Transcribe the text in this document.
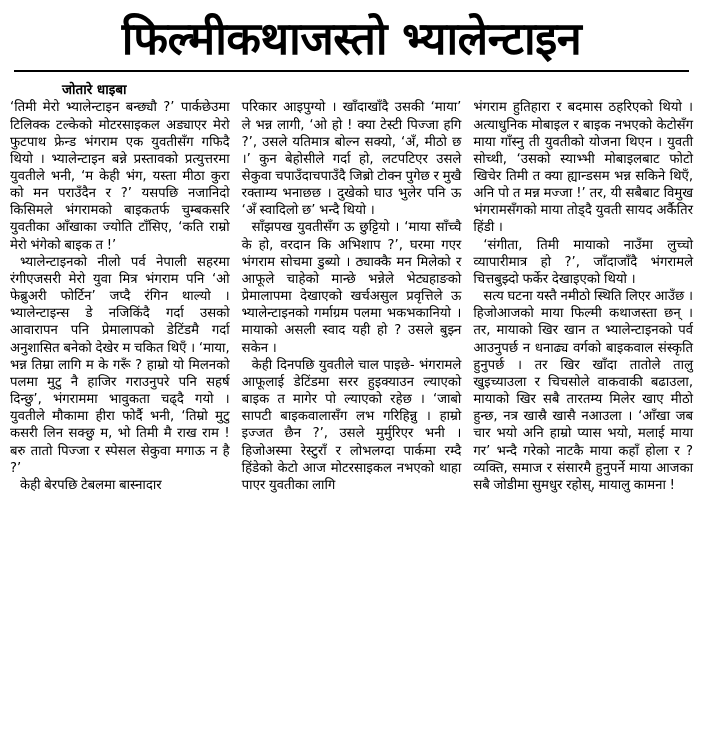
फिल्मीकथाजस्तो भ्यालेन्टाइन
जोतारे धाइबा

‘तिमी मेरो भ्यालेन्टाइन बन्छ्यौ ?’ पार्कछेउमा टिलिक्क टल्केको मोटरसाइकल अड्याएर मेरो फुटपाथ फ्रेन्ड भंगराम एक युवतीसँग गफिदै थियो । भ्यालेन्टाइन बन्ने प्रस्तावको प्रत्युत्तरमा युवतीले भनी, ‘म केही भंग, यस्ता मीठा कुरा को मन पराउँदैन र ?’ यसपछि नजानिदो किसिमले भंगरामको बाइकतर्फ चुम्बकसरि युवतीका आँखाका ज्योति टाँसिए, ‘कति राम्रो मेरो भंगेको बाइक त !’

भ्यालेन्टाइनको नीलो पर्व नेपाली सहरमा रंगीएजसरी मेरो युवा मित्र भंगराम पनि ‘ओ फेब्रुअरी फोर्टिन’ जप्दै रंगिन थाल्यो । भ्यालेन्टाइन्स डे नजिकिंदै गर्दा उसको आवारापन पनि प्रेमालापको डेटिंडमै गर्दा अनुशासित बनेको देखेर म चकित थिएँ । ‘माया, भन्न तिम्रा लागि म के गरूँ ? हाम्रो यो मिलनको पलमा मुटु नै हाजिर गराउनुपरे पनि सहर्ष दिन्छु’, भंगराममा भावुकता चढ्दै गयो । युवतीले मौकामा हीरा फोर्दै भनी, ‘तिम्रो मुटु कसरी लिन सक्छु म, भो तिमी मै राख राम ! बरु तातो पिज्जा र स्पेसल सेकुवा मगाऊ न है ?’

केही बेरपछि टेबलमा बास्नादार

परिकार आइपुग्यो । खाँदाखाँदै उसकी ‘माया’ ले भन्न लागी, ‘ओ हो ! क्या टेस्टी पिज्जा हगि ?’, उसले यतिमात्र बोल्न सक्यो, ‘अँ, मीठो छ ।’ कुन बेहोसीले गर्दा हो, लटपटिएर उसले सेकुवा चपाउँदाचपाउँदै जिब्रो टोक्न पुगेछ र मुखै रक्ताम्य भनाछछ । दुखेको घाउ भुलेर पनि ऊ ‘अँ स्वादिलो छ’ भन्दै थियो ।

साँझपख युवतीसँग ऊ छुट्टियो । ‘माया साँच्चै के हो, वरदान कि अभिशाप ?’, घरमा गएर भंगराम सोचमा डुब्यो । ठ्याक्कै मन मिलेको र आफूले चाहेको मान्छे भन्नेले भेट्यहाङको प्रेमालापमा देखाएको खर्चअसुल प्रवृत्तिले ऊ भ्यालेन्टाइनको गर्माग्रम पलमा भकभकानियो । मायाको असली स्वाद यही हो ? उसले बुझ्न सकेन ।

केही दिनपछि युवतीले चाल पाइछे- भंगरामले आफूलाई डेटिंडमा सरर हुइक्याउन ल्याएको बाइक त मागेर पो ल्याएको रहेछ । ‘जाबो सापटी बाइकवालासँग लभ गरिहिन्नु । हाम्रो इज्जत छैन ?’, उसले मुर्मुरिएर भनी । हिजोअस्मा रेस्टुराँ र लोभलग्दा पार्कमा रम्दै हिंडेको केटो आज मोटरसाइकल नभएको थाहा पाएर युवतीका लागि

भंगराम हुतिहारा र बदमास ठहरिएको थियो । अत्याधुनिक मोबाइल र बाइक नभएको केटोसँग माया गाँस्नु ती युवतीको योजना थिएन । युवती सोच्थी, ‘उसको स्याभ्भी मोबाइलबाट फोटो खिचेर तिमी त क्या ह्यान्डसम भन्न सकिने थिएँ, अनि पो त मन्न मज्जा !’ तर, यी सबैबाट विमुख भंगरामसँगको माया तोड्दै युवती सायद अर्कैतिर हिंडी ।

‘संगीता, तिमी मायाको नाउँमा लुच्चो व्यापारीमात्र हो ?’, जाँदाजाँदै भंगरामले चित्तबुझ्दो फर्केर देखाइएको थियो ।

सत्य घटना यस्तै नमीठो स्थिति लिएर आउँछ । हिजोआजको माया फिल्मी कथाजस्ता छन् । तर, मायाको खिर खान त भ्यालेन्टाइनको पर्व आउनुपर्छ न धनाढ्य वर्गको बाइकवाल संस्कृति हुनुपर्छ । तर खिर खाँदा तातोले तालु खुइच्याउला र चिचसोले वाकवाकी बढाउला, मायाको खिर सबै तारतम्य मिलेर खाए मीठो हुन्छ, नत्र खास्रै खासै नआउला । ‘आँखा जब चार भयो अनि हाम्रो प्यास भयो, मलाई माया गर’ भन्दै गरेको नाटकै माया कहाँ होला र ? व्यक्ति, समाज र संसारमै हुनुपर्ने माया आजका सबै जोडीमा सुमधुर रहोस्, मायालु कामना !
